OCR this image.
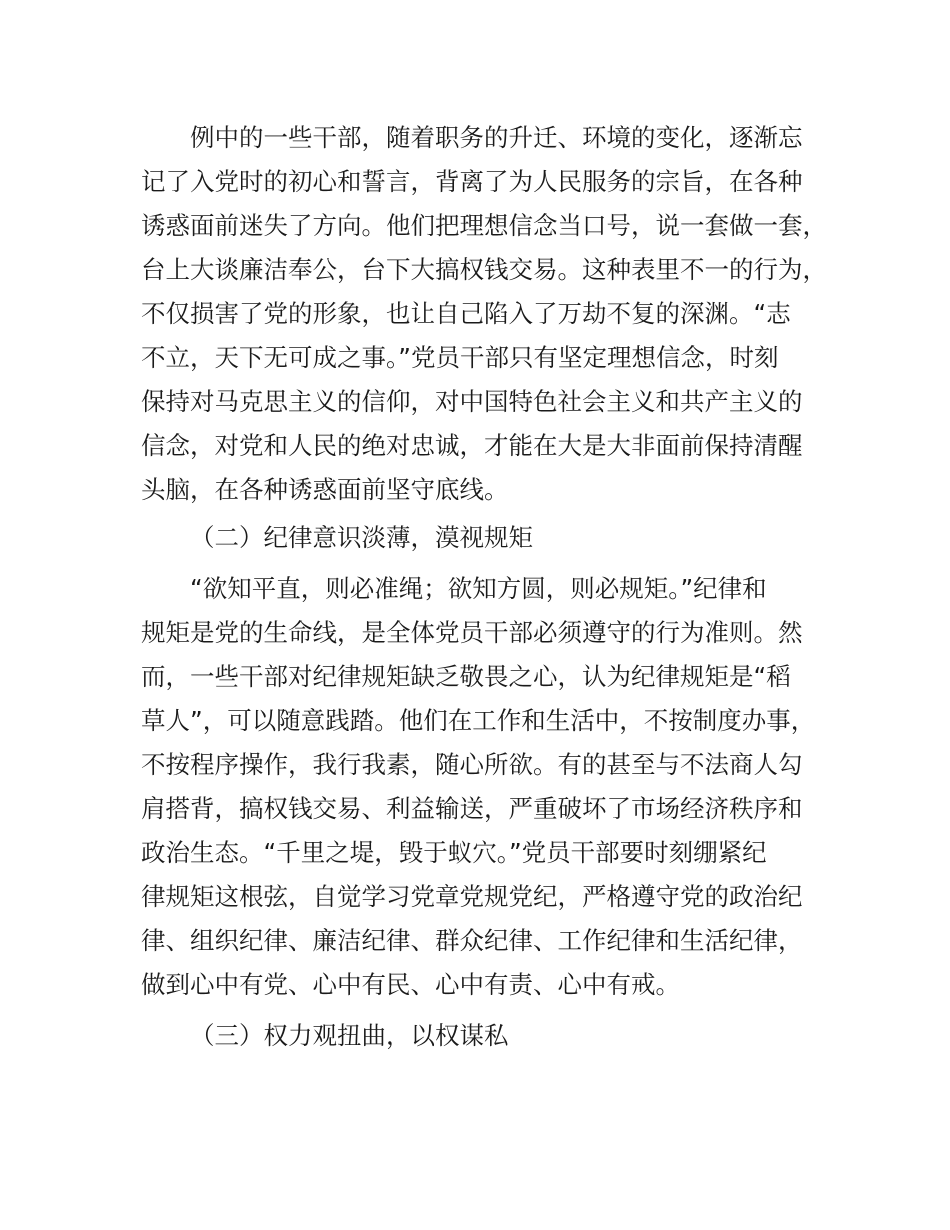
例中的一些干部，随着职务的升迁、环境的变化，逐渐忘
记了入党时的初心和誓言，背离了为人民服务的宗旨，在各种
诱惑面前迷失了方向。他们把理想信念当口号，说一套做一套，
台上大谈廉洁奉公，台下大搞权钱交易。这种表里不一的行为，
不仅损害了党的形象，也让自己陷入了万劫不复的深渊。“志
不立，天下无可成之事。”党员干部只有坚定理想信念，时刻
保持对马克思主义的信仰，对中国特色社会主义和共产主义的
信念，对党和人民的绝对忠诚，才能在大是大非面前保持清醒
头脑，在各种诱惑面前坚守底线。
（二）纪律意识淡薄，漠视规矩
“欲知平直，则必准绳；欲知方圆，则必规矩。”纪律和
规矩是党的生命线，是全体党员干部必须遵守的行为准则。然
而，一些干部对纪律规矩缺乏敬畏之心，认为纪律规矩是“稻
草人”，可以随意践踏。他们在工作和生活中，不按制度办事，
不按程序操作，我行我素，随心所欲。有的甚至与不法商人勾
肩搭背，搞权钱交易、利益输送，严重破坏了市场经济秩序和
政治生态。“千里之堤，毁于蚁穴。”党员干部要时刻绷紧纪
律规矩这根弦，自觉学习党章党规党纪，严格遵守党的政治纪
律、组织纪律、廉洁纪律、群众纪律、工作纪律和生活纪律，
做到心中有党、心中有民、心中有责、心中有戒。
（三）权力观扭曲，以权谋私
